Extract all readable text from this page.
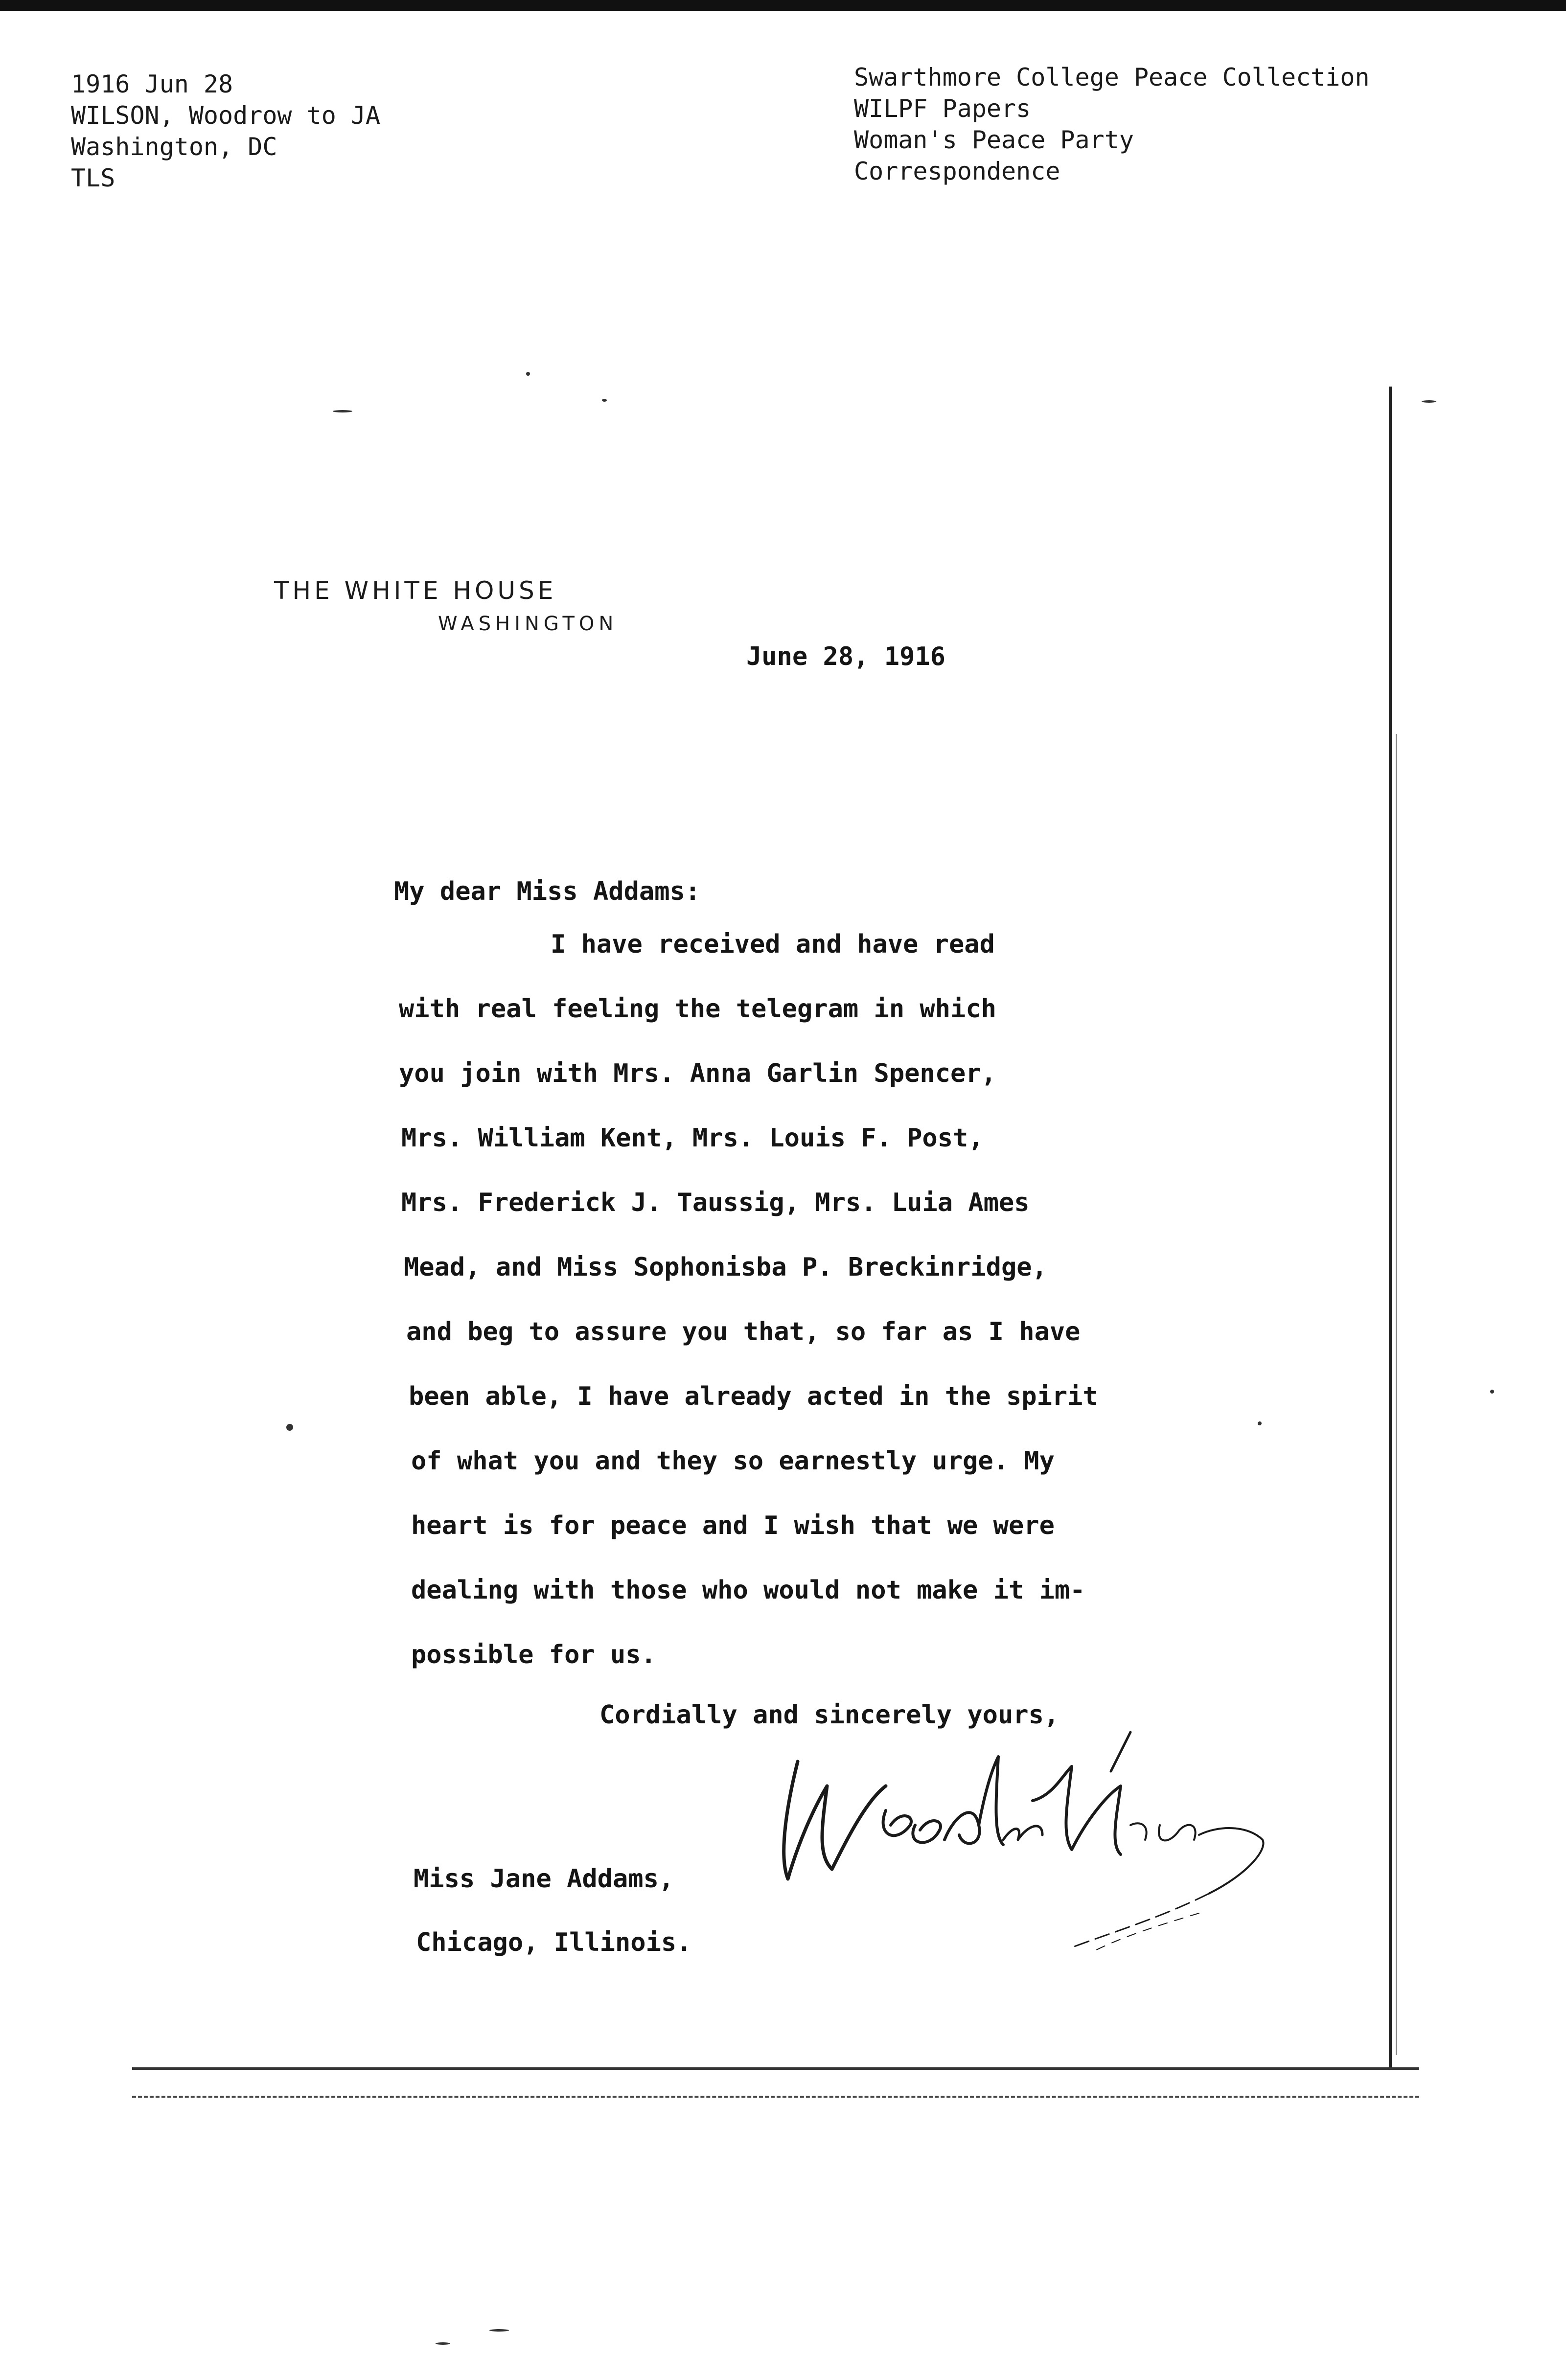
1916 Jun 28
WILSON, Woodrow to JA
Washington, DC
TLS
Swarthmore College Peace Collection
WILPF Papers
Woman's Peace Party
Correspondence
THE WHITE HOUSE
WASHINGTON
June 28, 1916
My dear Miss Addams:
I have received and have read
with real feeling the telegram in which
you join with Mrs. Anna Garlin Spencer,
Mrs. William Kent, Mrs. Louis F. Post,
Mrs. Frederick J. Taussig, Mrs. Luia Ames
Mead, and Miss Sophonisba P. Breckinridge,
and beg to assure you that, so far as I have
been able, I have already acted in the spirit
of what you and they so earnestly urge. My
heart is for peace and I wish that we were
dealing with those who would not make it im-
possible for us.
Cordially and sincerely yours,
Miss Jane Addams,
Chicago, Illinois.
